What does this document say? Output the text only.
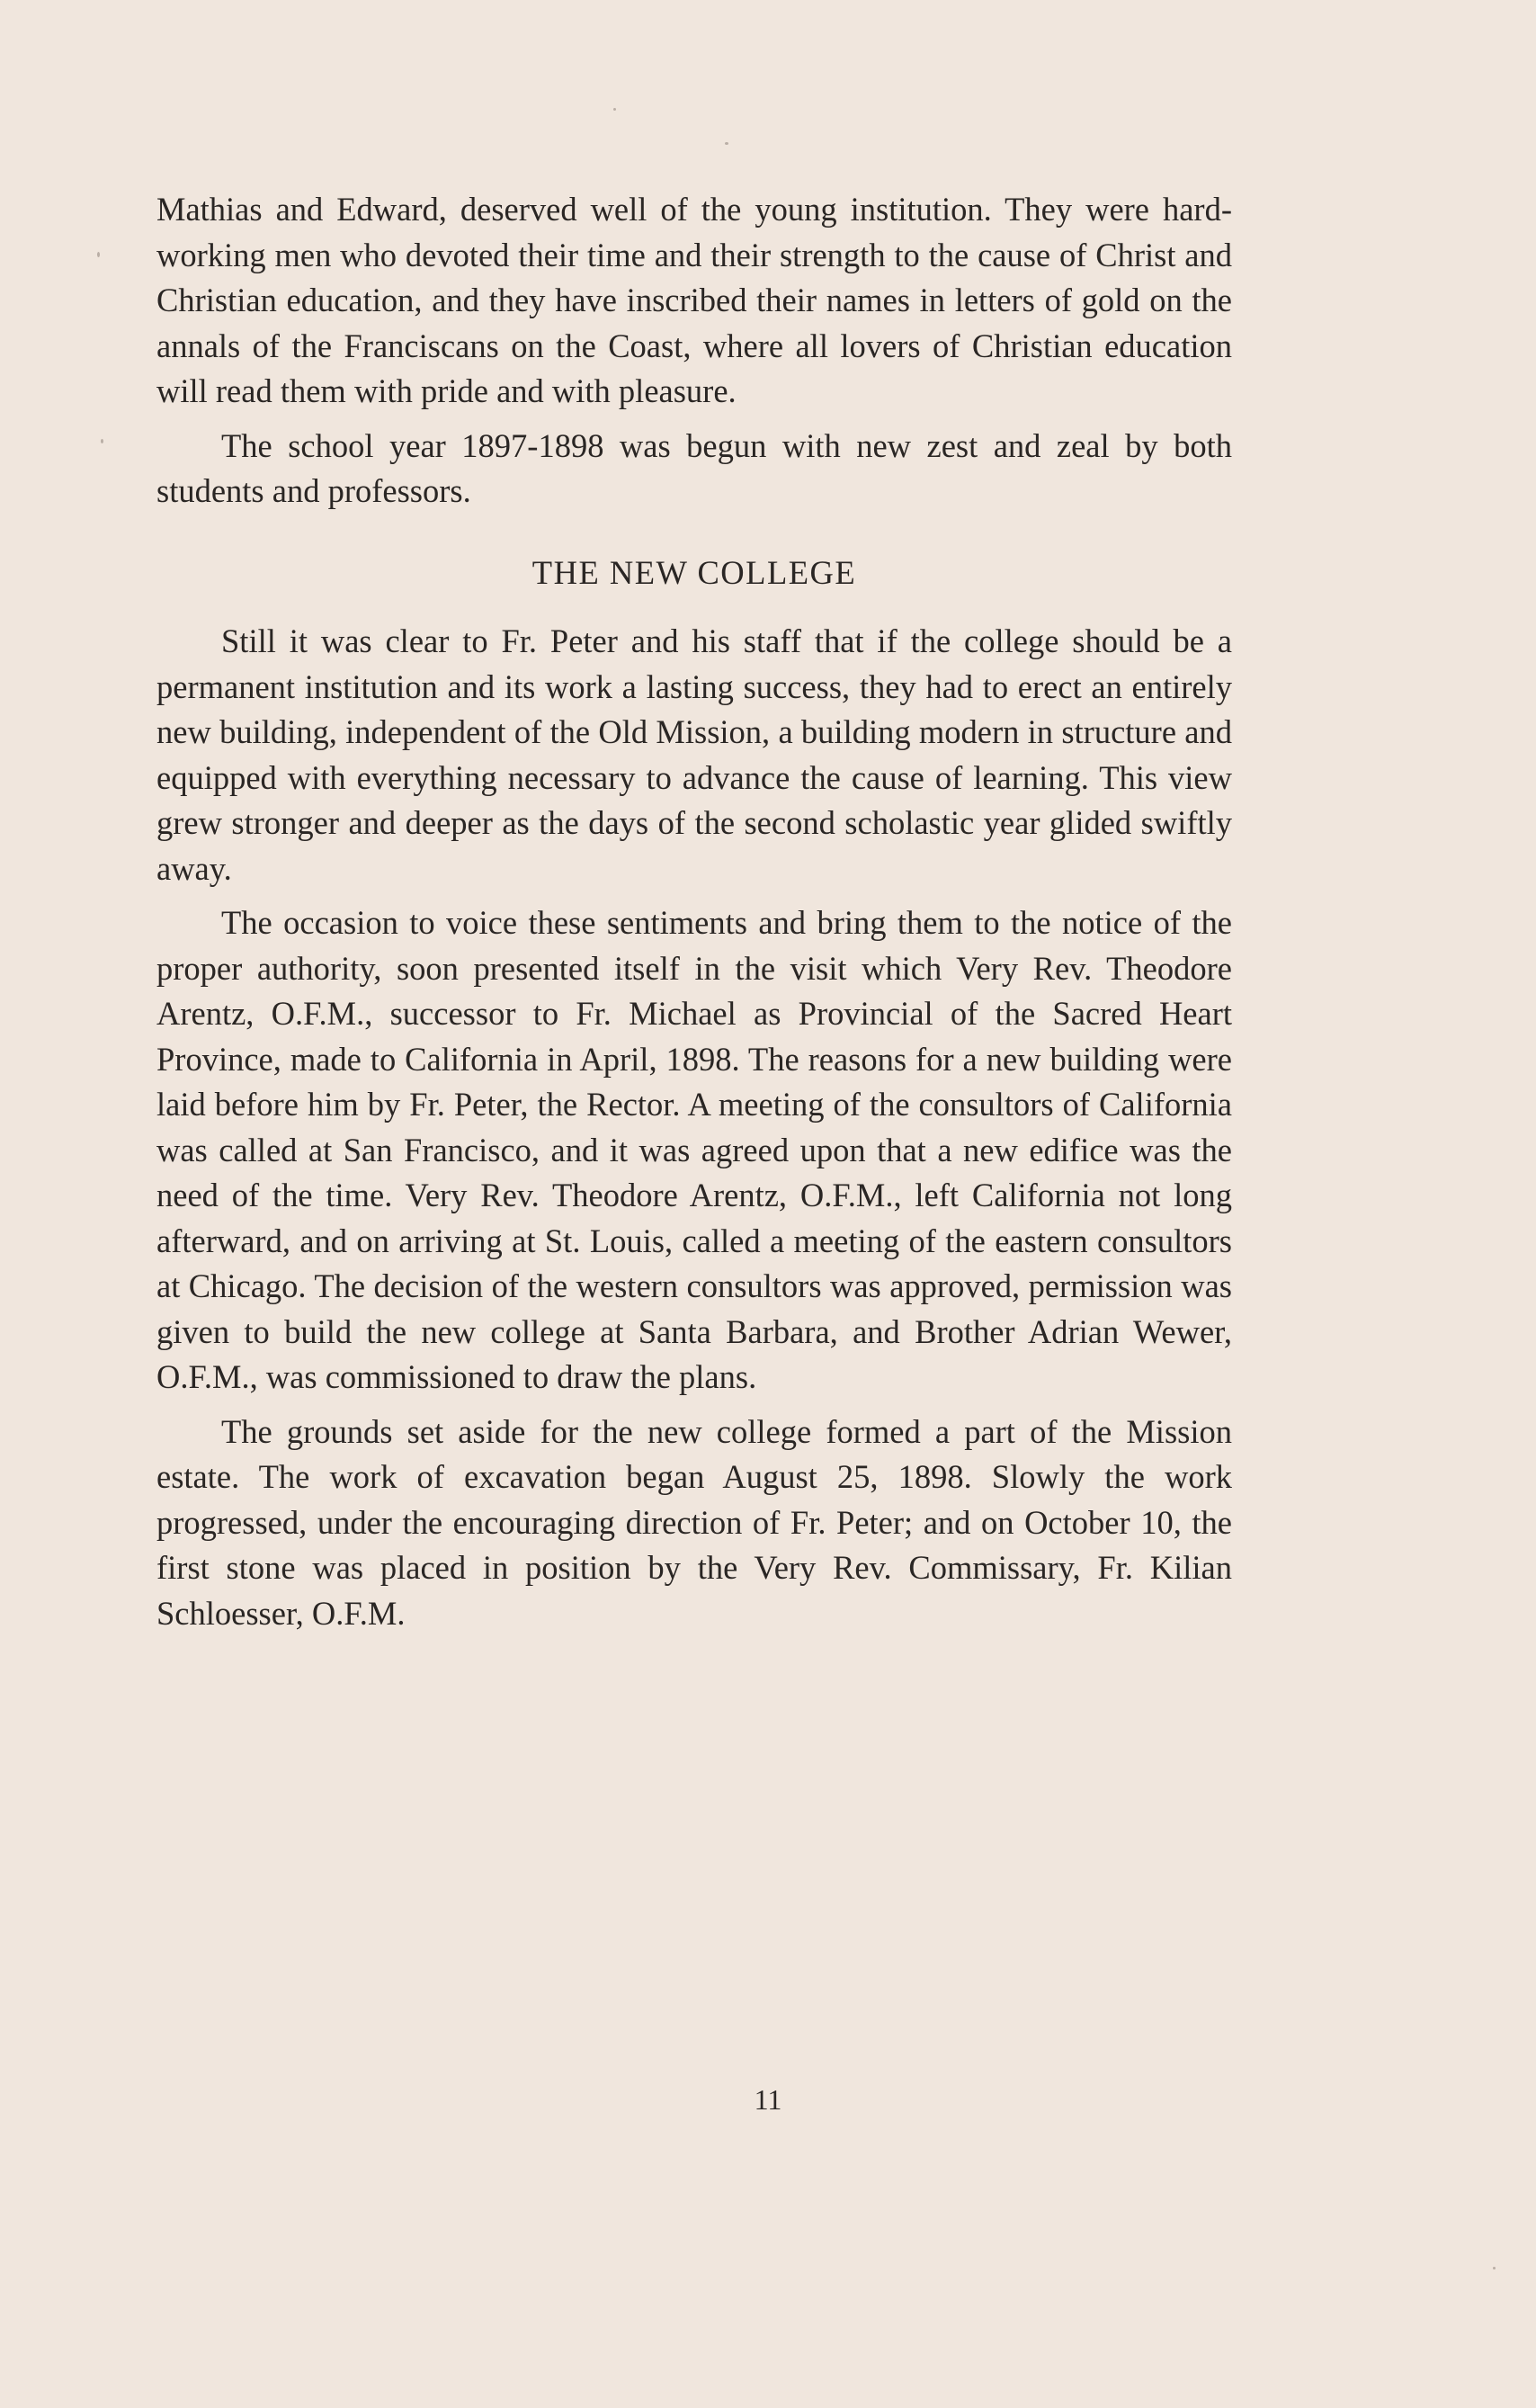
Mathias and Edward, deserved well of the young institution. They were hard-working men who devoted their time and their strength to the cause of Christ and Christian education, and they have inscribed their names in letters of gold on the annals of the Franciscans on the Coast, where all lovers of Christian education will read them with pride and with pleasure.

The school year 1897-1898 was begun with new zest and zeal by both students and professors.

THE NEW COLLEGE

Still it was clear to Fr. Peter and his staff that if the college should be a permanent institution and its work a lasting success, they had to erect an entirely new building, independent of the Old Mission, a building modern in structure and equipped with everything necessary to advance the cause of learning. This view grew stronger and deeper as the days of the second scholastic year glided swiftly away.

The occasion to voice these sentiments and bring them to the notice of the proper authority, soon presented itself in the visit which Very Rev. Theodore Arentz, O.F.M., successor to Fr. Michael as Provincial of the Sacred Heart Province, made to California in April, 1898. The reasons for a new building were laid before him by Fr. Peter, the Rector. A meeting of the consultors of California was called at San Francisco, and it was agreed upon that a new edifice was the need of the time. Very Rev. Theodore Arentz, O.F.M., left California not long afterward, and on arriving at St. Louis, called a meeting of the eastern consultors at Chicago. The decision of the western consultors was approved, permission was given to build the new college at Santa Barbara, and Brother Adrian Wewer, O.F.M., was commissioned to draw the plans.

The grounds set aside for the new college formed a part of the Mission estate. The work of excavation began August 25, 1898. Slowly the work progressed, under the encouraging direction of Fr. Peter; and on October 10, the first stone was placed in position by the Very Rev. Commissary, Fr. Kilian Schloesser, O.F.M.

11
